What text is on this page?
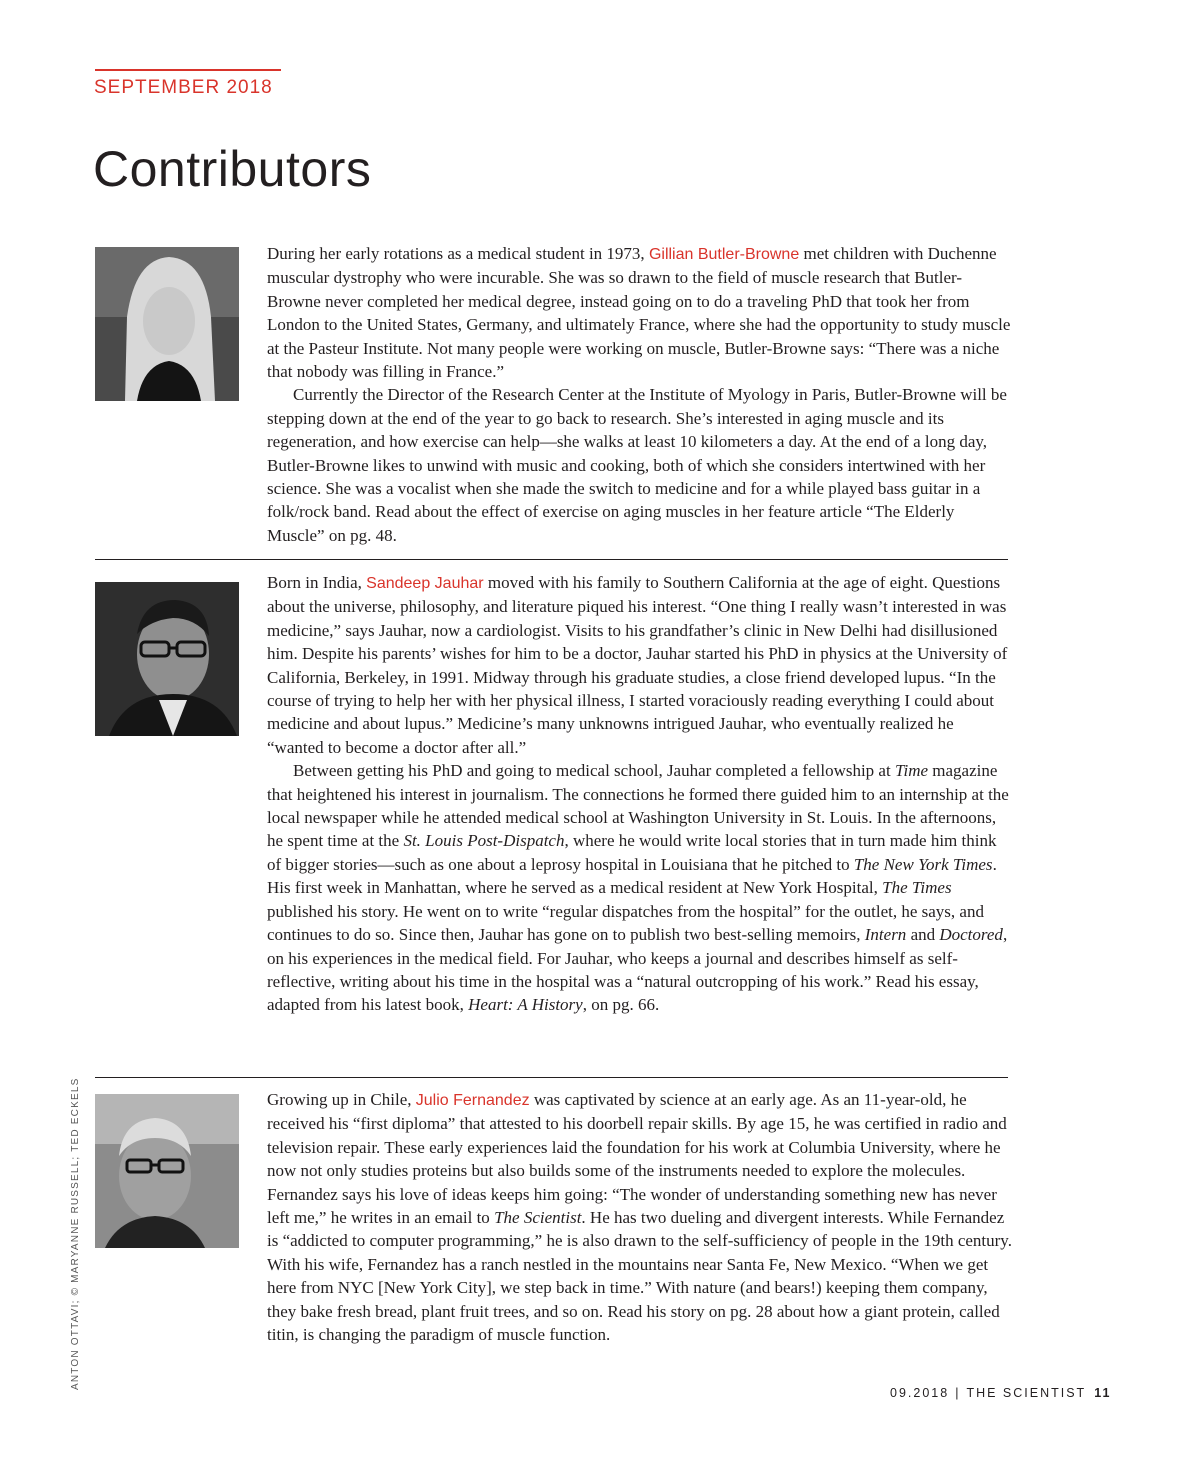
SEPTEMBER 2018
Contributors

During her early rotations as a medical student in 1973, Gillian Butler-Browne met children with Duchenne muscular dystrophy who were incurable. She was so drawn to the field of muscle research that Butler-Browne never completed her medical degree, instead going on to do a traveling PhD that took her from London to the United States, Germany, and ultimately France, where she had the opportunity to study muscle at the Pasteur Institute. Not many people were working on muscle, Butler-Browne says: “There was a niche that nobody was filling in France.”

Currently the Director of the Research Center at the Institute of Myology in Paris, Butler-Browne will be stepping down at the end of the year to go back to research. She’s interested in aging muscle and its regeneration, and how exercise can help—she walks at least 10 kilometers a day. At the end of a long day, Butler-Browne likes to unwind with music and cooking, both of which she considers intertwined with her science. She was a vocalist when she made the switch to medicine and for a while played bass guitar in a folk/rock band. Read about the effect of exercise on aging muscles in her feature article “The Elderly Muscle” on pg. 48.

Born in India, Sandeep Jauhar moved with his family to Southern California at the age of eight. Questions about the universe, philosophy, and literature piqued his interest. “One thing I really wasn’t interested in was medicine,” says Jauhar, now a cardiologist. Visits to his grandfather’s clinic in New Delhi had disillusioned him. Despite his parents’ wishes for him to be a doctor, Jauhar started his PhD in physics at the University of California, Berkeley, in 1991. Midway through his graduate studies, a close friend developed lupus. “In the course of trying to help her with her physical illness, I started voraciously reading everything I could about medicine and about lupus.” Medicine’s many unknowns intrigued Jauhar, who eventually realized he “wanted to become a doctor after all.”

Between getting his PhD and going to medical school, Jauhar completed a fellowship at Time magazine that heightened his interest in journalism. The connections he formed there guided him to an internship at the local newspaper while he attended medical school at Washington University in St. Louis. In the afternoons, he spent time at the St. Louis Post-Dispatch, where he would write local stories that in turn made him think of bigger stories—such as one about a leprosy hospital in Louisiana that he pitched to The New York Times. His first week in Manhattan, where he served as a medical resident at New York Hospital, The Times published his story. He went on to write “regular dispatches from the hospital” for the outlet, he says, and continues to do so. Since then, Jauhar has gone on to publish two best-selling memoirs, Intern and Doctored, on his experiences in the medical field. For Jauhar, who keeps a journal and describes himself as self-reflective, writing about his time in the hospital was a “natural outcropping of his work.” Read his essay, adapted from his latest book, Heart: A History, on pg. 66.

Growing up in Chile, Julio Fernandez was captivated by science at an early age. As an 11-year-old, he received his “first diploma” that attested to his doorbell repair skills. By age 15, he was certified in radio and television repair. These early experiences laid the foundation for his work at Columbia University, where he now not only studies proteins but also builds some of the instruments needed to explore the molecules. Fernandez says his love of ideas keeps him going: “The wonder of understanding something new has never left me,” he writes in an email to The Scientist. He has two dueling and divergent interests. While Fernandez is “addicted to computer programming,” he is also drawn to the self-sufficiency of people in the 19th century. With his wife, Fernandez has a ranch nestled in the mountains near Santa Fe, New Mexico. “When we get here from NYC [New York City], we step back in time.” With nature (and bears!) keeping them company, they bake fresh bread, plant fruit trees, and so on. Read his story on pg. 28 about how a giant protein, called titin, is changing the paradigm of muscle function.

ANTON OTTAVI; © MARYANNE RUSSELL; TED ECKELS
09.2018 | THE SCIENTIST 11
